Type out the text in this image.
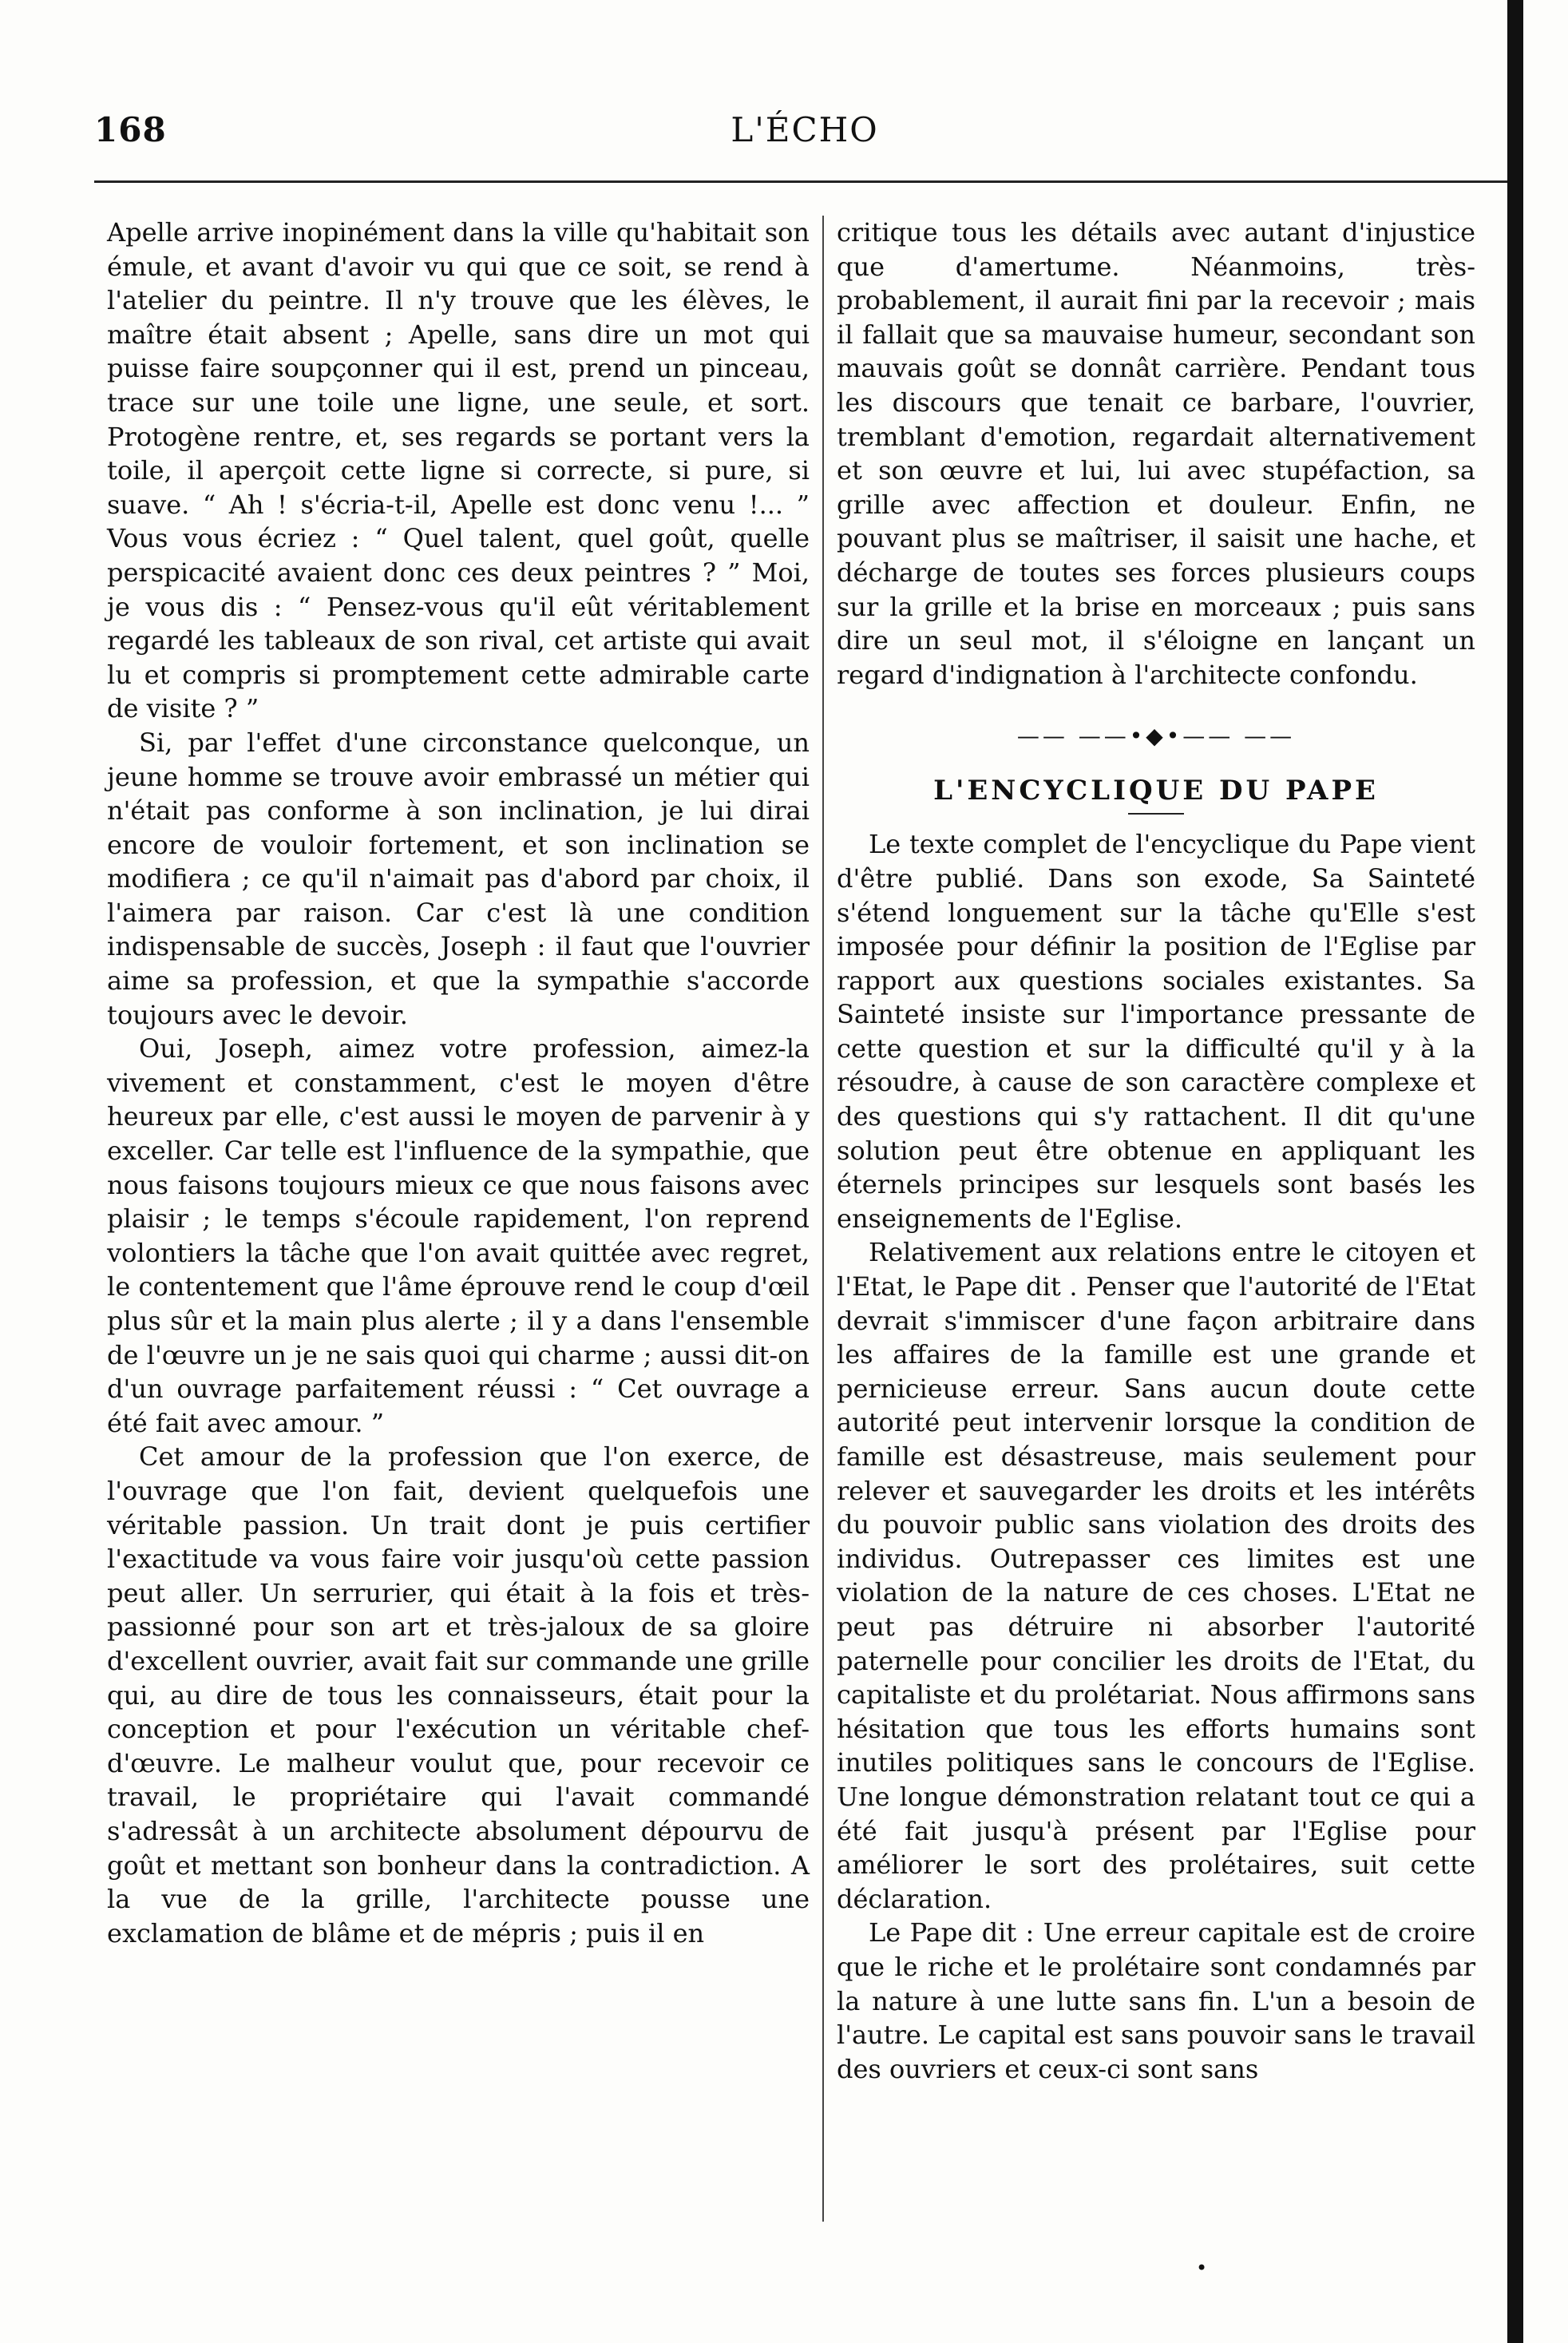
168	L'ÉCHO

Apelle arrive inopinément dans la ville qu'habitait son émule, et avant d'avoir vu qui que ce soit, se rend à l'atelier du peintre. Il n'y trouve que les élèves, le maître était absent ; Apelle, sans dire un mot qui puisse faire soupçonner qui il est, prend un pinceau, trace sur une toile une ligne, une seule, et sort. Protogène rentre, et, ses regards se portant vers la toile, il aperçoit cette ligne si correcte, si pure, si suave. “ Ah ! s'écria-t-il, Apelle est donc venu !... ” Vous vous écriez : “ Quel talent, quel goût, quelle perspicacité avaient donc ces deux peintres ? ” Moi, je vous dis : “ Pensez-vous qu'il eût véritablement regardé les tableaux de son rival, cet artiste qui avait lu et compris si promptement cette admirable carte de visite ? ”

Si, par l'effet d'une circonstance quelconque, un jeune homme se trouve avoir embrassé un métier qui n'était pas conforme à son inclination, je lui dirai encore de vouloir fortement, et son inclination se modifiera ; ce qu'il n'aimait pas d'abord par choix, il l'aimera par raison. Car c'est là une condition indispensable de succès, Joseph : il faut que l'ouvrier aime sa profession, et que la sympathie s'accorde toujours avec le devoir.

Oui, Joseph, aimez votre profession, aimez-la vivement et constamment, c'est le moyen d'être heureux par elle, c'est aussi le moyen de parvenir à y exceller. Car telle est l'influence de la sympathie, que nous faisons toujours mieux ce que nous faisons avec plaisir ; le temps s'écoule rapidement, l'on reprend volontiers la tâche que l'on avait quittée avec regret, le contentement que l'âme éprouve rend le coup d'œil plus sûr et la main plus alerte ; il y a dans l'ensemble de l'œuvre un je ne sais quoi qui charme ; aussi dit-on d'un ouvrage parfaitement réussi : “ Cet ouvrage a été fait avec amour. ”

Cet amour de la profession que l'on exerce, de l'ouvrage que l'on fait, devient quelquefois une véritable passion. Un trait dont je puis certifier l'exactitude va vous faire voir jusqu'où cette passion peut aller. Un serrurier, qui était à la fois et très-passionné pour son art et très-jaloux de sa gloire d'excellent ouvrier, avait fait sur commande une grille qui, au dire de tous les connaisseurs, était pour la conception et pour l'exécution un véritable chef-d'œuvre. Le malheur voulut que, pour recevoir ce travail, le propriétaire qui l'avait commandé s'adressât à un architecte absolument dépourvu de goût et mettant son bonheur dans la contradiction. A la vue de la grille, l'architecte pousse une exclamation de blâme et de mépris ; puis il en

critique tous les détails avec autant d'injustice que d'amertume. Néanmoins, très-probablement, il aurait fini par la recevoir ; mais il fallait que sa mauvaise humeur, secondant son mauvais goût se donnât carrière. Pendant tous les discours que tenait ce barbare, l'ouvrier, tremblant d'emotion, regardait alternativement et son œuvre et lui, lui avec stupéfaction, sa grille avec affection et douleur. Enfin, ne pouvant plus se maîtriser, il saisit une hache, et décharge de toutes ses forces plusieurs coups sur la grille et la brise en morceaux ; puis sans dire un seul mot, il s'éloigne en lançant un regard d'indignation à l'architecte confondu.

—— ——•◆•—— ——
L'ENCYCLIQUE DU PAPE

Le texte complet de l'encyclique du Pape vient d'être publié. Dans son exode, Sa Sainteté s'étend longuement sur la tâche qu'Elle s'est imposée pour définir la position de l'Eglise par rapport aux questions sociales existantes. Sa Sainteté insiste sur l'importance pressante de cette question et sur la difficulté qu'il y à la résoudre, à cause de son caractère complexe et des questions qui s'y rattachent. Il dit qu'une solution peut être obtenue en appliquant les éternels principes sur lesquels sont basés les enseignements de l'Eglise.

Relativement aux relations entre le citoyen et l'Etat, le Pape dit . Penser que l'autorité de l'Etat devrait s'immiscer d'une façon arbitraire dans les affaires de la famille est une grande et pernicieuse erreur. Sans aucun doute cette autorité peut intervenir lorsque la condition de famille est désastreuse, mais seulement pour relever et sauvegarder les droits et les intérêts du pouvoir public sans violation des droits des individus. Outrepasser ces limites est une violation de la nature de ces choses. L'Etat ne peut pas détruire ni absorber l'autorité paternelle pour concilier les droits de l'Etat, du capitaliste et du prolétariat. Nous affirmons sans hésitation que tous les efforts humains sont inutiles politiques sans le concours de l'Eglise. Une longue démonstration relatant tout ce qui a été fait jusqu'à présent par l'Eglise pour améliorer le sort des prolétaires, suit cette déclaration.

Le Pape dit : Une erreur capitale est de croire que le riche et le prolétaire sont condamnés par la nature à une lutte sans fin. L'un a besoin de l'autre. Le capital est sans pouvoir sans le travail des ouvriers et ceux-ci sont sans

•
